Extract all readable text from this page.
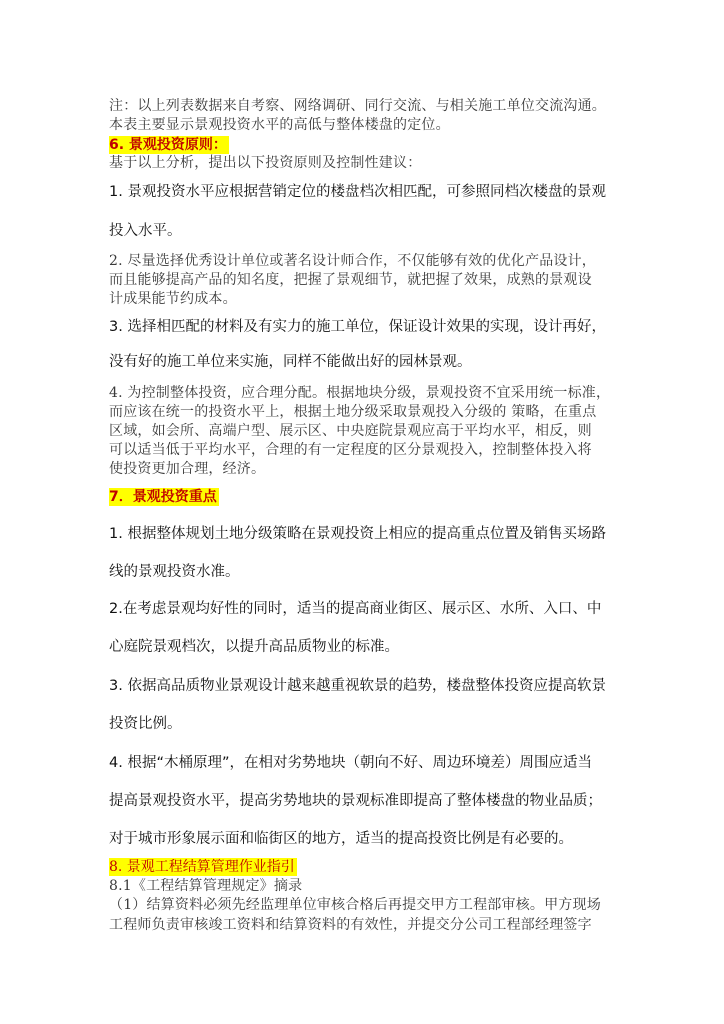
注：以上列表数据来自考察、网络调研、同行交流、与相关施工单位交流沟通。
本表主要显示景观投资水平的高低与整体楼盘的定位。
6. 景观投资原则：
基于以上分析，提出以下投资原则及控制性建议：
1. 景观投资水平应根据营销定位的楼盘档次相匹配，可参照同档次楼盘的景观
投入水平。
2. 尽量选择优秀设计单位或著名设计师合作，不仅能够有效的优化产品设计，
而且能够提高产品的知名度，把握了景观细节，就把握了效果，成熟的景观设
计成果能节约成本。
3. 选择相匹配的材料及有实力的施工单位，保证设计效果的实现，设计再好，
没有好的施工单位来实施，同样不能做出好的园林景观。
4. 为控制整体投资，应合理分配。根据地块分级，景观投资不宜采用统一标准，
而应该在统一的投资水平上，根据土地分级采取景观投入分级的 策略，在重点
区域，如会所、高端户型、展示区、中央庭院景观应高于平均水平，相反，则
可以适当低于平均水平，合理的有一定程度的区分景观投入，控制整体投入将
使投资更加合理，经济。
7．景观投资重点
1. 根据整体规划土地分级策略在景观投资上相应的提高重点位置及销售买场路
线的景观投资水准。
2.在考虑景观均好性的同时，适当的提高商业街区、展示区、水所、入口、中
心庭院景观档次，以提升高品质物业的标准。
3. 依据高品质物业景观设计越来越重视软景的趋势，楼盘整体投资应提高软景
投资比例。
4. 根据“木桶原理”，在相对劣势地块（朝向不好、周边环境差）周围应适当
提高景观投资水平，提高劣势地块的景观标准即提高了整体楼盘的物业品质；
对于城市形象展示面和临街区的地方，适当的提高投资比例是有必要的。
8. 景观工程结算管理作业指引
8.1《工程结算管理规定》摘录
（1）结算资料必须先经监理单位审核合格后再提交甲方工程部审核。甲方现场
工程师负责审核竣工资料和结算资料的有效性，并提交分公司工程部经理签字
